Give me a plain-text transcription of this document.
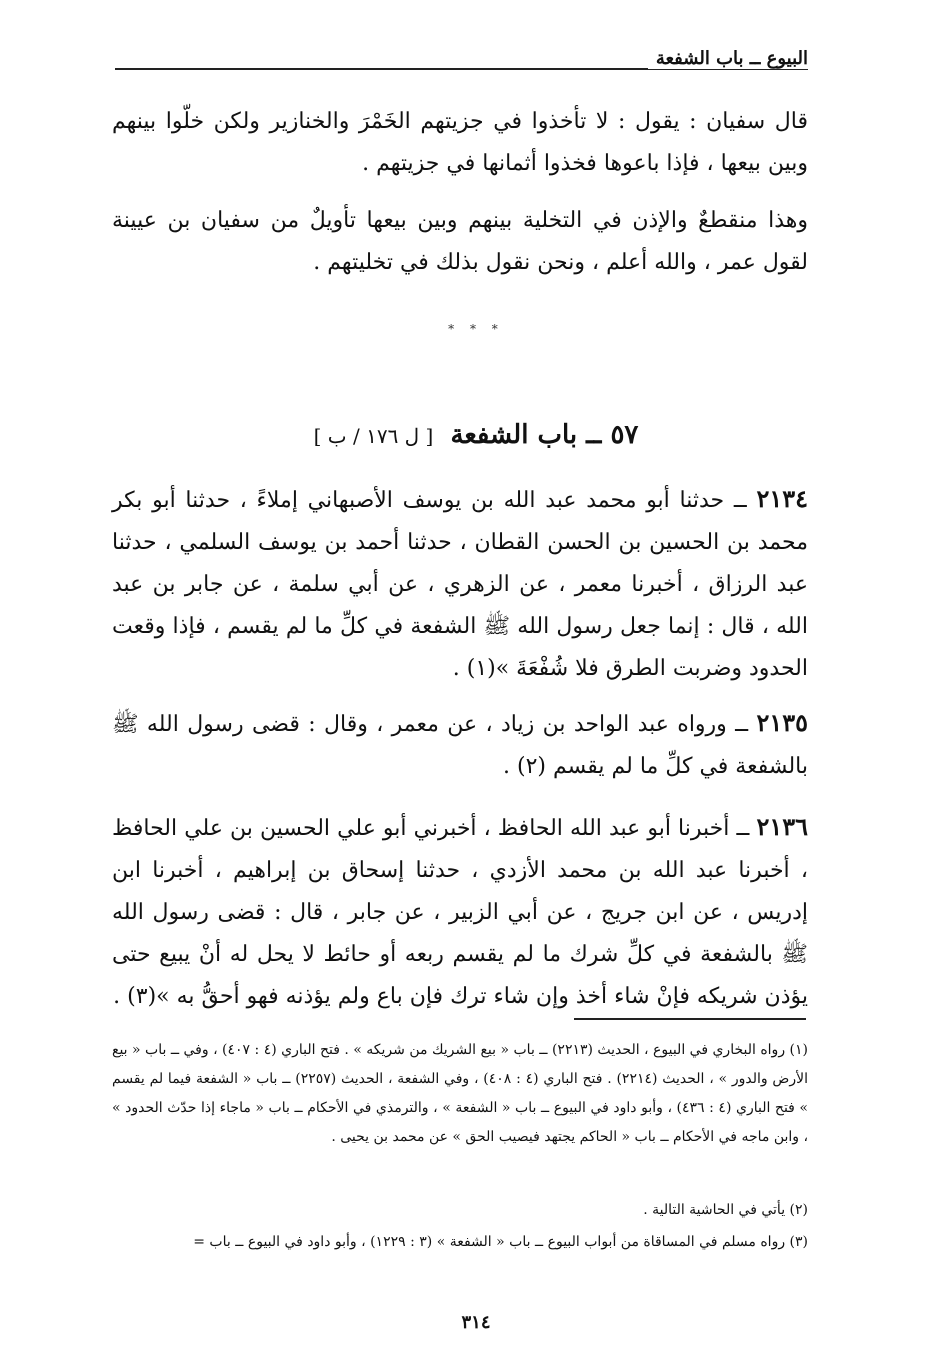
البيوع ــ باب الشفعة
قال سفيان : يقول : لا تأخذوا في جزيتهم الخَمْرَ والخنازير ولكن خلّوا بينهم وبين بيعها ، فإذا باعوها فخذوا أثمانها في جزيتهم .
وهذا منقطعٌ والإذن في التخلية بينهم وبين بيعها تأويلٌ من سفيان بن عيينة لقول عمر ، والله أعلم ، ونحن نقول بذلك في تخليتهم .
* * *
٥٧ ــ باب الشفعة [ ل ١٧٦ / ب ]
٢١٣٤ ــ حدثنا أبو محمد عبد الله بن يوسف الأصبهاني إملاءً ، حدثنا أبو بكر محمد بن الحسين بن الحسن القطان ، حدثنا أحمد بن يوسف السلمي ، حدثنا عبد الرزاق ، أخبرنا معمر ، عن الزهري ، عن أبي سلمة ، عن جابر بن عبد الله ، قال : إنما جعل رسول الله ﷺ الشفعة في كلِّ ما لم يقسم ، فإذا وقعت الحدود وضربت الطرق فلا شُفْعَةَ »(١) .
٢١٣٥ ــ ورواه عبد الواحد بن زياد ، عن معمر ، وقال : قضى رسول الله ﷺ بالشفعة في كلِّ ما لم يقسم (٢) .
٢١٣٦ ــ أخبرنا أبو عبد الله الحافظ ، أخبرني أبو علي الحسين بن علي الحافظ ، أخبرنا عبد الله بن محمد الأزدي ، حدثنا إسحاق بن إبراهيم ، أخبرنا ابن إدريس ، عن ابن جريج ، عن أبي الزبير ، عن جابر ، قال : قضى رسول الله ﷺ بالشفعة في كلِّ شرك ما لم يقسم ربعه أو حائط لا يحل له أنْ يبيع حتى يؤذن شريكه فإنْ شاء أخذ وإن شاء ترك فإن باع ولم يؤذنه فهو أحقُّ به »(٣) .
(١) رواه البخاري في البيوع ، الحديث (٢٢١٣) ــ باب « بيع الشريك من شريكه » . فتح الباري (٤ : ٤٠٧) ، وفي ــ باب « بيع الأرض والدور » ، الحديث (٢٢١٤) . فتح الباري (٤ : ٤٠٨) ، وفي الشفعة ، الحديث (٢٢٥٧) ــ باب « الشفعة فيما لم يقسم » فتح الباري (٤ : ٤٣٦) ، وأبو داود في البيوع ــ باب « الشفعة » ، والترمذي في الأحكام ــ باب « ماجاء إذا حدّث الحدود » ، وابن ماجه في الأحكام ــ باب « الحاكم يجتهد فيصيب الحق » عن محمد بن يحيى .
(٢) يأتي في الحاشية التالية .
(٣) رواه مسلم في المساقاة من أبواب البيوع ــ باب « الشفعة » (٣ : ١٢٢٩) ، وأبو داود في البيوع ــ باب =
٣١٤
